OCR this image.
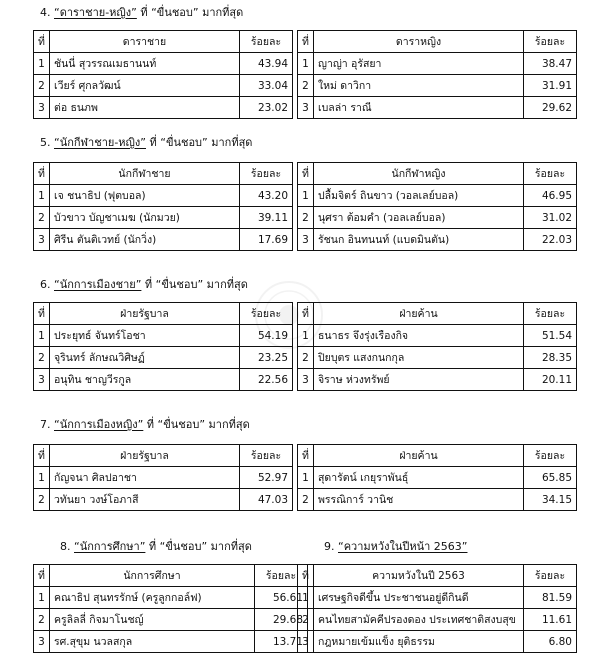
4. “ดาราชาย-หญิง” ที่ “ขื่นชอบ” มากที่สุด
ที่	ดาราชาย	ร้อยละ
1	ชันนี่ สุวรรณเมธานนท์	43.94
2	เวียร์ ศุกลวัฒน์	33.04
3	ต่อ ธนภพ	23.02
ที่	ดาราหญิง	ร้อยละ
1	ญาญ่า อุรัสยา	38.47
2	ใหม่ ดาวิกา	31.91
3	เบลล่า ราณี	29.62
5. “นักกีฬาชาย-หญิง” ที่ “ขื่นชอบ” มากที่สุด
ที่	นักกีฬาชาย	ร้อยละ
1	เจ ชนาธิป (ฟุตบอล)	43.20
2	บัวขาว บัญชาเมฆ (นักมวย)	39.11
3	ศิรีน ตันติเวทย์ (นักวิ่ง)	17.69
ที่	นักกีฬาหญิง	ร้อยละ
1	ปลื้มจิตร์ ถินขาว (วอลเลย์บอล)	46.95
2	นุศรา ต้อมคำ (วอลเลย์บอล)	31.02
3	รัชนก อินทนนท์ (แบดมินตัน)	22.03
6. “นักการเมืองชาย” ที่ “ขื่นชอบ” มากที่สุด
ที่	ฝ่ายรัฐบาล	ร้อยละ
1	ประยุทธ์ จันทร์โอชา	54.19
2	จุรินทร์ ลักษณวิศิษฏ์	23.25
3	อนุทิน ชาญวีรกูล	22.56
ที่	ฝ่ายค้าน	ร้อยละ
1	ธนาธร จึงรุ่งเรืองกิจ	51.54
2	ปิยบุตร แสงกนกกุล	28.35
3	จิราษ ห่วงทรัพย์	20.11
7. “นักการเมืองหญิง” ที่ “ขื่นชอบ” มากที่สุด
ที่	ฝ่ายรัฐบาล	ร้อยละ
1	กัญจนา ศิลปอาชา	52.97
2	วทันยา วงษ์โอภาสี	47.03
ที่	ฝ่ายค้าน	ร้อยละ
1	สุดารัตน์ เกยุราพันธุ์	65.85
2	พรรณิการ์ วานิช	34.15
8. “นักการศึกษา” ที่ “ขื่นชอบ” มากที่สุด
ที่	นักการศึกษา	ร้อยละ
1	คณาธิป สุนทรรักษ์ (ครูลูกกอล์ฟ)	56.61
2	ครูลิลลี่ กิจมาโนชญ์	29.68
3	รศ.สุขุม นวลสกุล	13.71
9. “ความหวังในปีหน้า 2563”
ที่	ความหวังในปี 2563	ร้อยละ
1	เศรษฐกิจดีขึ้น ประชาชนอยู่ดีกินดี	81.59
2	คนไทยสามัคคีปรองดอง ประเทศชาติสงบสุข	11.61
3	กฎหมายเข้มแข็ง ยุติธรรม	6.80
